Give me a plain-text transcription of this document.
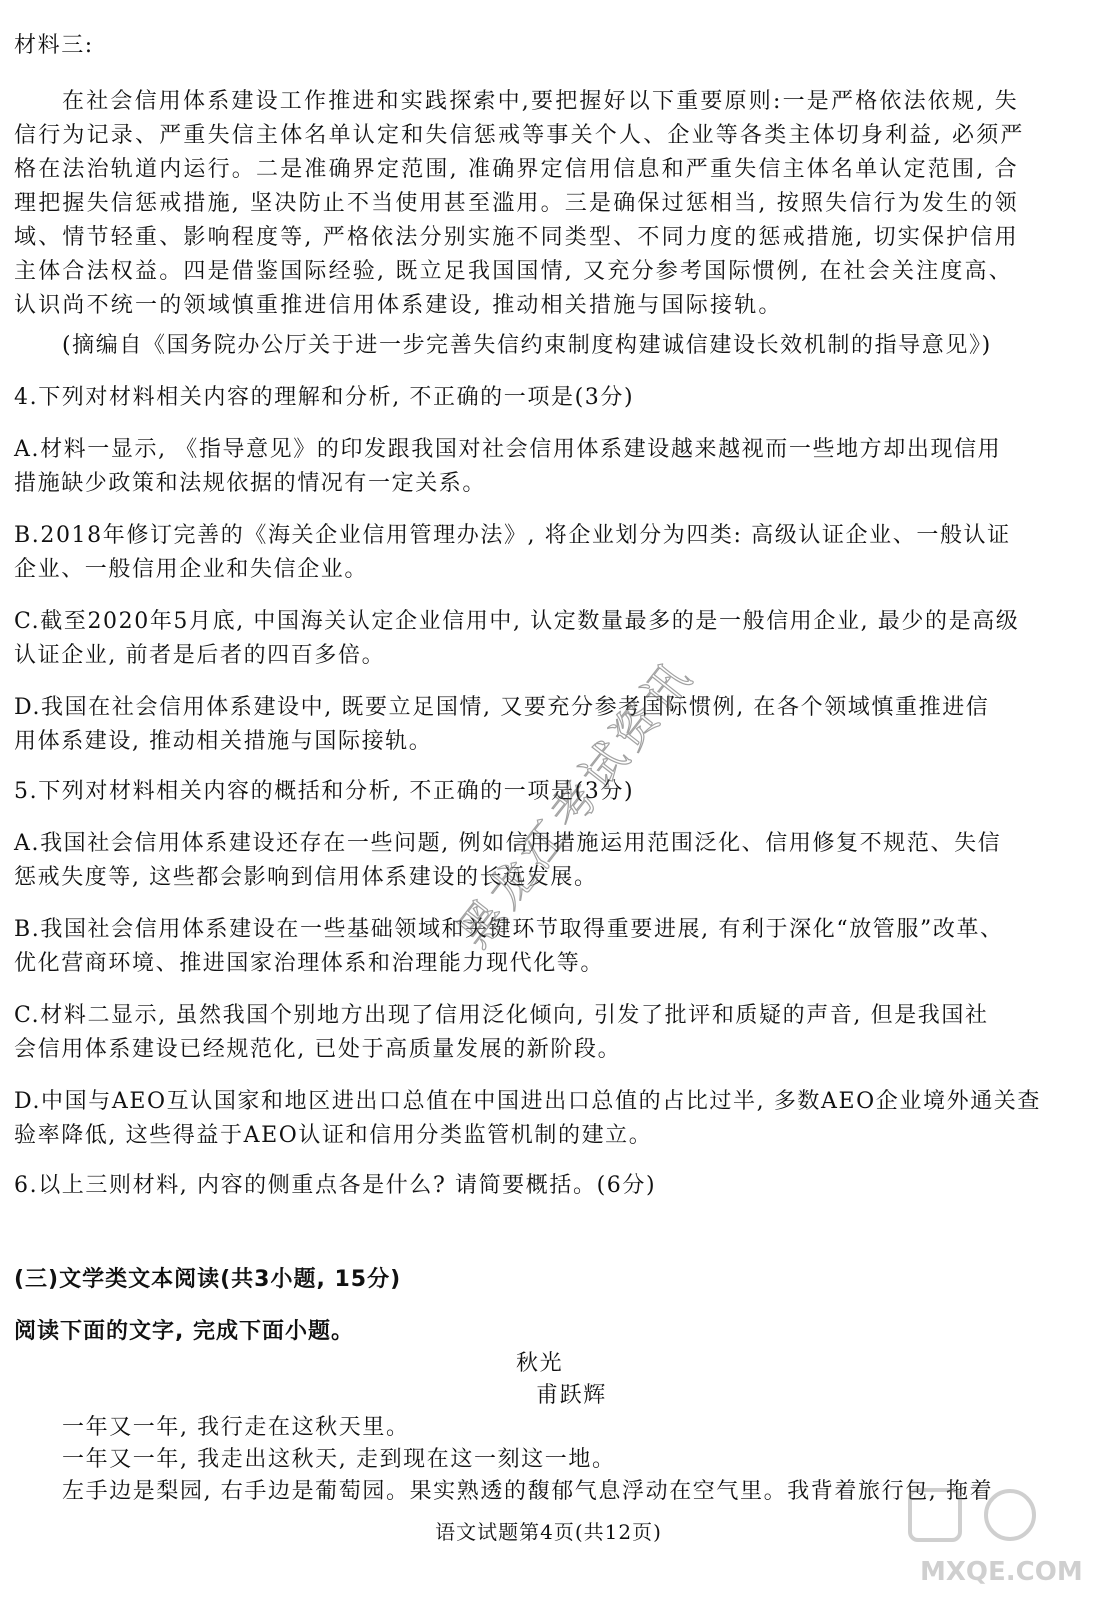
材料三:
在社会信用体系建设工作推进和实践探索中,要把握好以下重要原则:一是严格依法依规, 失
信行为记录、严重失信主体名单认定和失信惩戒等事关个人、企业等各类主体切身利益, 必须严
格在法治轨道内运行。二是准确界定范围, 准确界定信用信息和严重失信主体名单认定范围, 合
理把握失信惩戒措施, 坚决防止不当使用甚至滥用。三是确保过惩相当, 按照失信行为发生的领
域、情节轻重、影响程度等, 严格依法分别实施不同类型、不同力度的惩戒措施, 切实保护信用
主体合法权益。四是借鉴国际经验, 既立足我国国情, 又充分参考国际惯例, 在社会关注度高、
认识尚不统一的领域慎重推进信用体系建设, 推动相关措施与国际接轨。
(摘编自《国务院办公厅关于进一步完善失信约束制度构建诚信建设长效机制的指导意见》)
4.下列对材料相关内容的理解和分析, 不正确的一项是(3分)
A.材料一显示, 《指导意见》的印发跟我国对社会信用体系建设越来越视而一些地方却出现信用
措施缺少政策和法规依据的情况有一定关系。
B.2018年修订完善的《海关企业信用管理办法》, 将企业划分为四类: 高级认证企业、一般认证
企业、一般信用企业和失信企业。
C.截至2020年5月底, 中国海关认定企业信用中, 认定数量最多的是一般信用企业, 最少的是高级
认证企业, 前者是后者的四百多倍。
D.我国在社会信用体系建设中, 既要立足国情, 又要充分参考国际惯例, 在各个领域慎重推进信
用体系建设, 推动相关措施与国际接轨。
5.下列对材料相关内容的概括和分析, 不正确的一项是(3分)
A.我国社会信用体系建设还存在一些问题, 例如信用措施运用范围泛化、信用修复不规范、失信
惩戒失度等, 这些都会影响到信用体系建设的长远发展。
B.我国社会信用体系建设在一些基础领域和关键环节取得重要进展, 有利于深化“放管服”改革、
优化营商环境、推进国家治理体系和治理能力现代化等。
C.材料二显示, 虽然我国个别地方出现了信用泛化倾向, 引发了批评和质疑的声音, 但是我国社
会信用体系建设已经规范化, 已处于高质量发展的新阶段。
D.中国与AEO互认国家和地区进出口总值在中国进出口总值的占比过半, 多数AEO企业境外通关查
验率降低, 这些得益于AEO认证和信用分类监管机制的建立。
6.以上三则材料, 内容的侧重点各是什么? 请简要概括。(6分)
(三)文学类文本阅读(共3小题, 15分)
阅读下面的文字, 完成下面小题。
秋光
甫跃辉
一年又一年, 我行走在这秋天里。
一年又一年, 我走出这秋天, 走到现在这一刻这一地。
左手边是梨园, 右手边是葡萄园。果实熟透的馥郁气息浮动在空气里。我背着旅行包, 拖着
语文试题第4页(共12页)
黑龙江考试资讯
MXQE.COM
